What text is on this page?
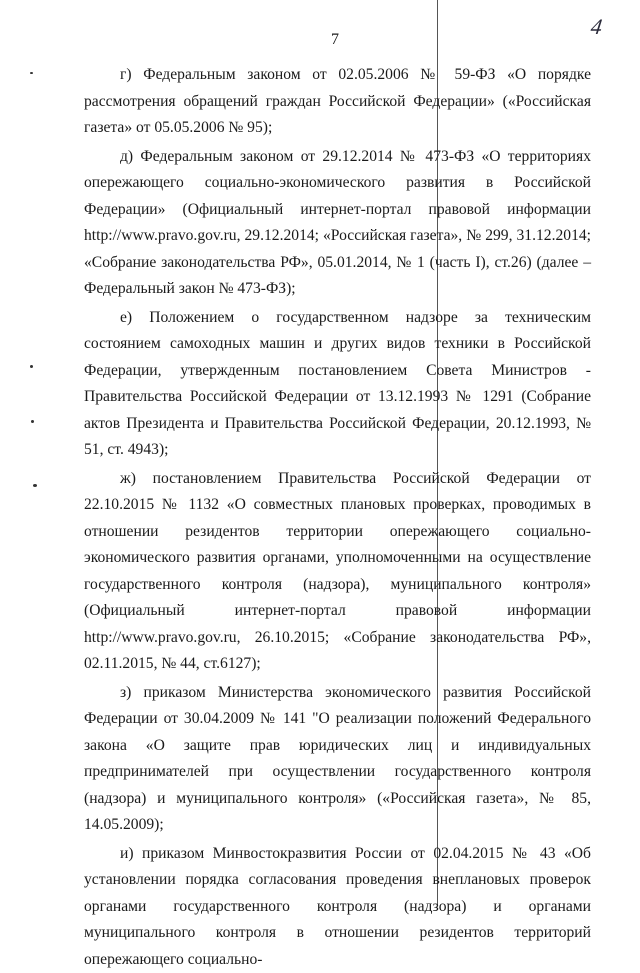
7
4

г) Федеральным законом от 02.05.2006 № 59-ФЗ «О порядке рассмотрения обращений граждан Российской Федерации» («Российская газета» от 05.05.2006 № 95);

д) Федеральным законом от 29.12.2014 № 473-ФЗ «О территориях опережающего социально-экономического развития в Российской Федерации» (Официальный интернет-портал правовой информации http://www.pravo.gov.ru, 29.12.2014; «Российская газета», № 299, 31.12.2014; «Собрание законодательства РФ», 05.01.2014, № 1 (часть I), ст.26) (далее – Федеральный закон № 473-ФЗ);

е) Положением о государственном надзоре за техническим состоянием самоходных машин и других видов техники в Российской Федерации, утвержденным постановлением Совета Министров - Правительства Российской Федерации от 13.12.1993 № 1291 (Собрание актов Президента и Правительства Российской Федерации, 20.12.1993, № 51, ст. 4943);

ж) постановлением Правительства Российской Федерации от 22.10.2015 № 1132 «О совместных плановых проверках, проводимых в отношении резидентов территории опережающего социально-экономического развития органами, уполномоченными на осуществление государственного контроля (надзора), муниципального контроля» (Официальный интернет-портал правовой информации http://www.pravo.gov.ru, 26.10.2015; «Собрание законодательства РФ», 02.11.2015, № 44, ст.6127);

з) приказом Министерства экономического развития Российской Федерации от 30.04.2009 № 141 "О реализации положений Федерального закона «О защите прав юридических лиц и индивидуальных предпринимателей при осуществлении государственного контроля (надзора) и муниципального контроля» («Российская газета», № 85, 14.05.2009);

и) приказом Минвостокразвития России от 02.04.2015 № 43 «Об установлении порядка согласования проведения внеплановых проверок органами государственного контроля (надзора) и органами муниципального контроля в отношении резидентов территорий опережающего социально-
